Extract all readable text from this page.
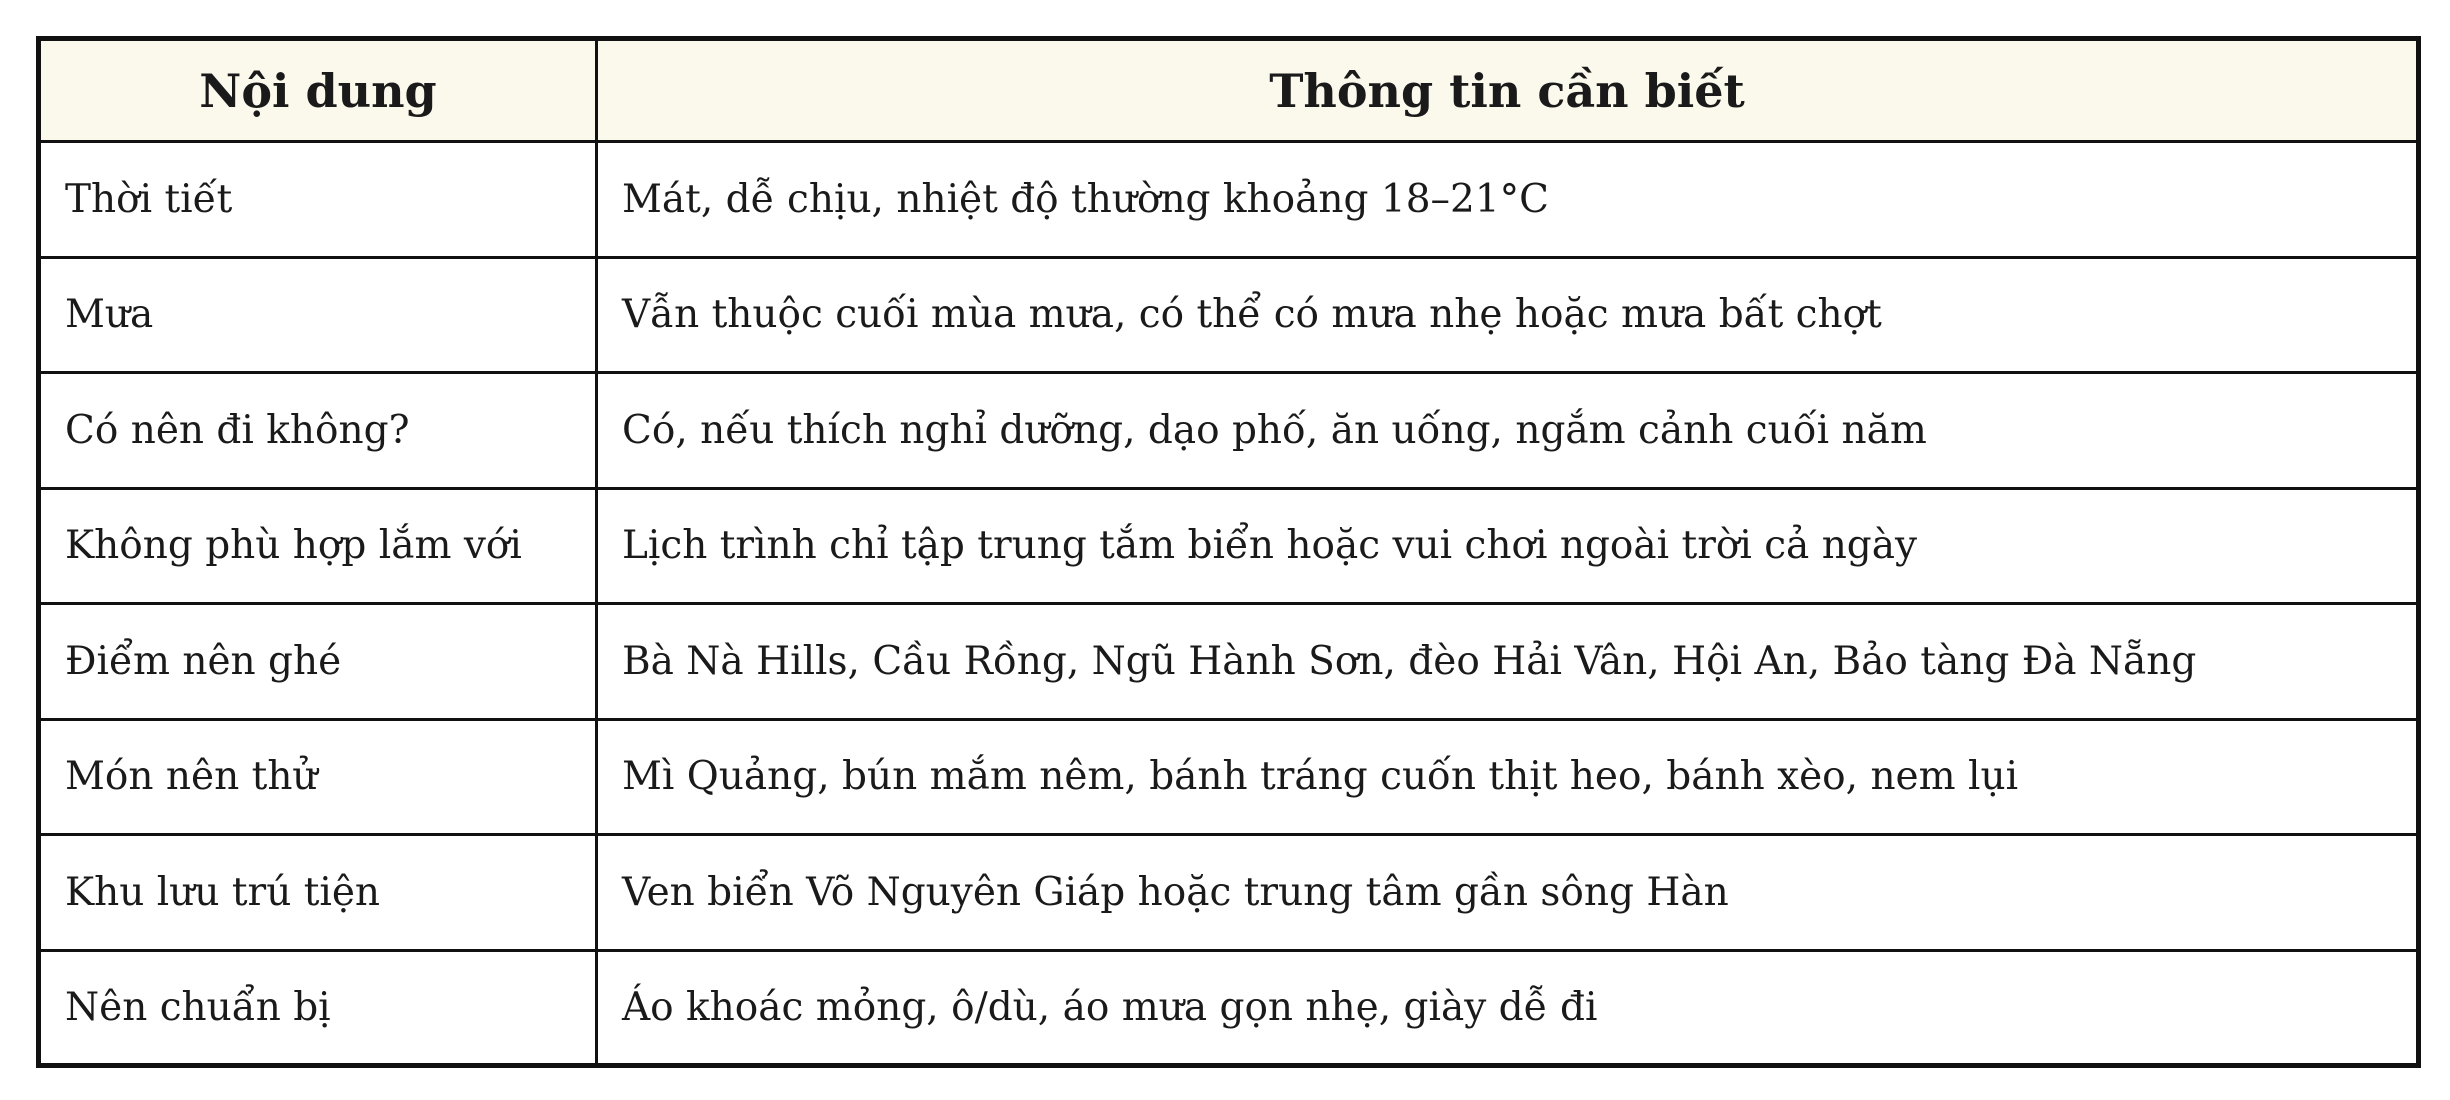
Nội dung	Thông tin cần biết
Thời tiết	Mát, dễ chịu, nhiệt độ thường khoảng 18–21°C
Mưa	Vẫn thuộc cuối mùa mưa, có thể có mưa nhẹ hoặc mưa bất chợt
Có nên đi không?	Có, nếu thích nghỉ dưỡng, dạo phố, ăn uống, ngắm cảnh cuối năm
Không phù hợp lắm với	Lịch trình chỉ tập trung tắm biển hoặc vui chơi ngoài trời cả ngày
Điểm nên ghé	Bà Nà Hills, Cầu Rồng, Ngũ Hành Sơn, đèo Hải Vân, Hội An, Bảo tàng Đà Nẵng
Món nên thử	Mì Quảng, bún mắm nêm, bánh tráng cuốn thịt heo, bánh xèo, nem lụi
Khu lưu trú tiện	Ven biển Võ Nguyên Giáp hoặc trung tâm gần sông Hàn
Nên chuẩn bị	Áo khoác mỏng, ô/dù, áo mưa gọn nhẹ, giày dễ đi
